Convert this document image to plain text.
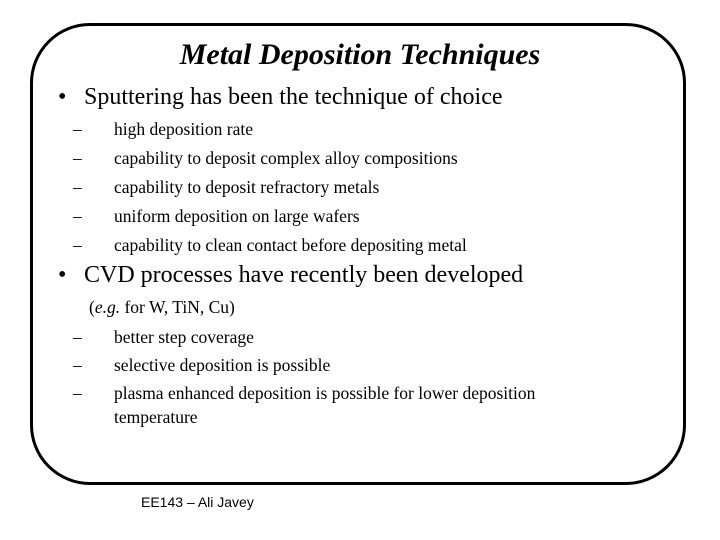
Metal Deposition Techniques
• Sputtering has been the technique of choice
– high deposition rate
– capability to deposit complex alloy compositions
– capability to deposit refractory metals
– uniform deposition on large wafers
– capability to clean contact before depositing metal
• CVD processes have recently been developed
(e.g. for W, TiN, Cu)
– better step coverage
– selective deposition is possible
– plasma enhanced deposition is possible for lower deposition
temperature
EE143 – Ali Javey
